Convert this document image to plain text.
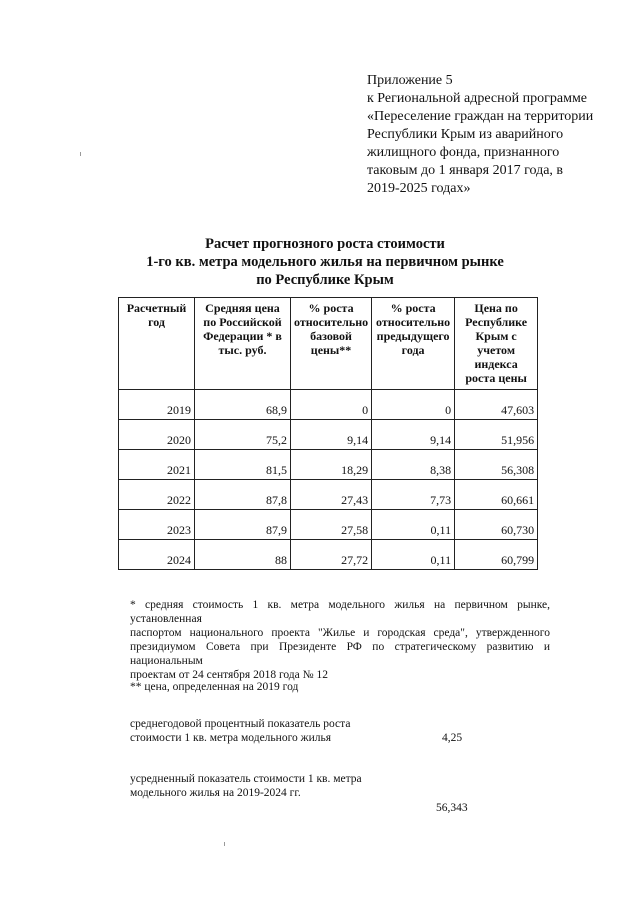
Приложение 5
к Региональной адресной программе
«Переселение граждан на территории
Республики Крым из аварийного
жилищного фонда, признанного
таковым до 1 января 2017 года, в
2019-2025 годах»
Расчет прогнозного роста стоимости
1-го кв. метра модельного жилья на первичном рынке
по Республике Крым
Расчетный год	Средняя цена по Российской Федерации * в тыс. руб.	% роста относительно базовой цены**	% роста относительно предыдущего года	Цена по Республике Крым с учетом индекса роста цены
2019	68,9	0	0	47,603
2020	75,2	9,14	9,14	51,956
2021	81,5	18,29	8,38	56,308
2022	87,8	27,43	7,73	60,661
2023	87,9	27,58	0,11	60,730
2024	88	27,72	0,11	60,799
* средняя стоимость 1 кв. метра модельного жилья на первичном рынке, установленная
паспортом национального проекта "Жилье и городская среда", утвержденного
президиумом Совета при Президенте РФ по стратегическому развитию и национальным
проектам от 24 сентября 2018 года № 12
** цена, определенная на 2019 год
среднегодовой процентный показатель роста
стоимости 1 кв. метра модельного жилья	4,25
усредненный показатель стоимости 1 кв. метра
модельного жилья на 2019-2024 гг.
56,343
